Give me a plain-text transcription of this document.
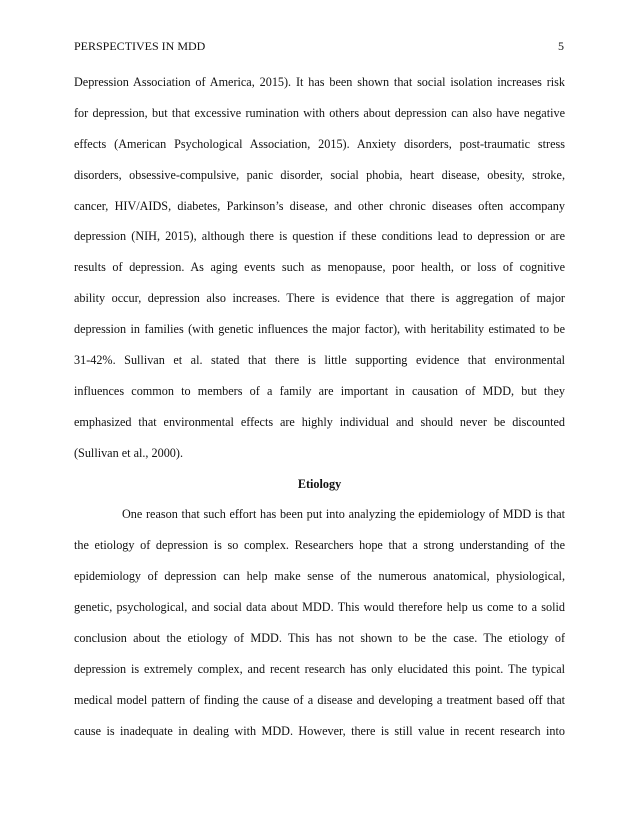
PERSPECTIVES IN MDD	5
Depression Association of America, 2015). It has been shown that social isolation increases risk
for depression, but that excessive rumination with others about depression can also have negative
effects (American Psychological Association, 2015). Anxiety disorders, post-traumatic stress
disorders, obsessive-compulsive, panic disorder, social phobia, heart disease, obesity, stroke,
cancer, HIV/AIDS, diabetes, Parkinson’s disease, and other chronic diseases often accompany
depression (NIH, 2015), although there is question if these conditions lead to depression or are
results of depression. As aging events such as menopause, poor health, or loss of cognitive
ability occur, depression also increases. There is evidence that there is aggregation of major
depression in families (with genetic influences the major factor), with heritability estimated to be
31-42%. Sullivan et al. stated that there is little supporting evidence that environmental
influences common to members of a family are important in causation of MDD, but they
emphasized that environmental effects are highly individual and should never be discounted
(Sullivan et al., 2000).
Etiology
One reason that such effort has been put into analyzing the epidemiology of MDD is that
the etiology of depression is so complex. Researchers hope that a strong understanding of the
epidemiology of depression can help make sense of the numerous anatomical, physiological,
genetic, psychological, and social data about MDD. This would therefore help us come to a solid
conclusion about the etiology of MDD. This has not shown to be the case. The etiology of
depression is extremely complex, and recent research has only elucidated this point. The typical
medical model pattern of finding the cause of a disease and developing a treatment based off that
cause is inadequate in dealing with MDD. However, there is still value in recent research into
